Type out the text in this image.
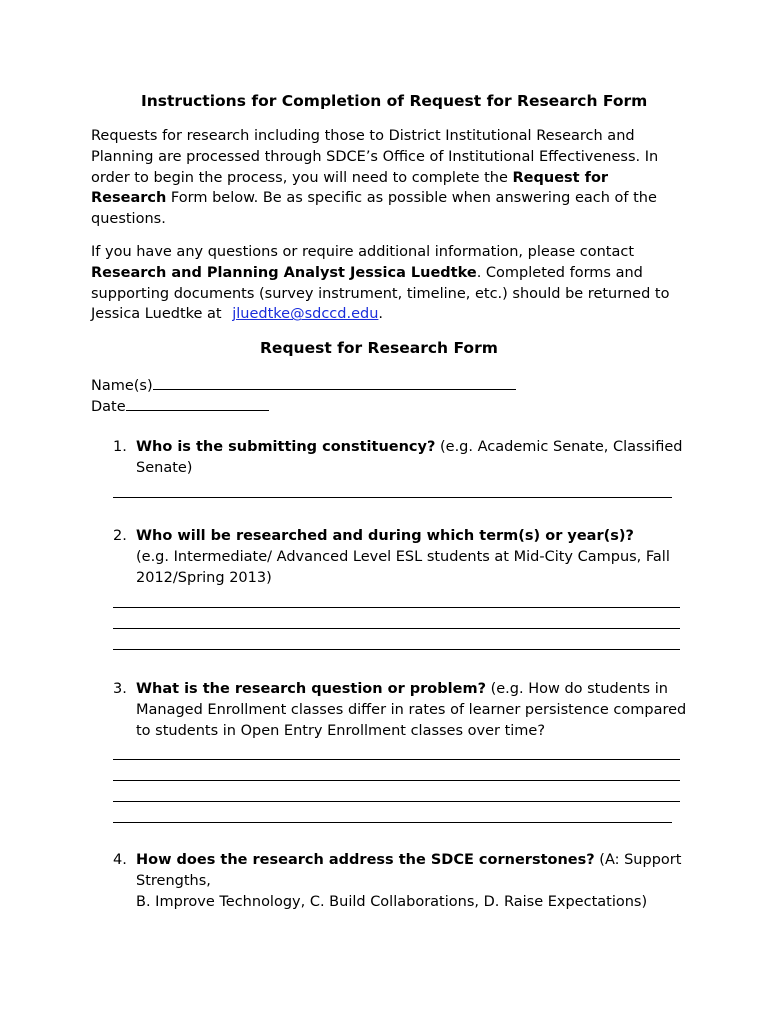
Instructions for Completion of Request for Research Form
Requests for research including those to District Institutional Research and Planning are processed through SDCE’s Office of Institutional Effectiveness. In order to begin the process, you will need to complete the Request for Research Form below. Be as specific as possible when answering each of the questions.
If you have any questions or require additional information, please contact Research and Planning Analyst Jessica Luedtke. Completed forms and supporting documents (survey instrument, timeline, etc.) should be returned to Jessica Luedtke at jluedtke@sdccd.edu.
Request for Research Form
Name(s)
Date
1. Who is the submitting constituency? (e.g. Academic Senate, Classified Senate)
2. Who will be researched and during which term(s) or year(s)?
(e.g. Intermediate/ Advanced Level ESL students at Mid-City Campus, Fall 2012/Spring 2013)
3. What is the research question or problem? (e.g. How do students in Managed Enrollment classes differ in rates of learner persistence compared to students in Open Entry Enrollment classes over time?
4. How does the research address the SDCE cornerstones? (A: Support Strengths,
B. Improve Technology, C. Build Collaborations, D. Raise Expectations)
